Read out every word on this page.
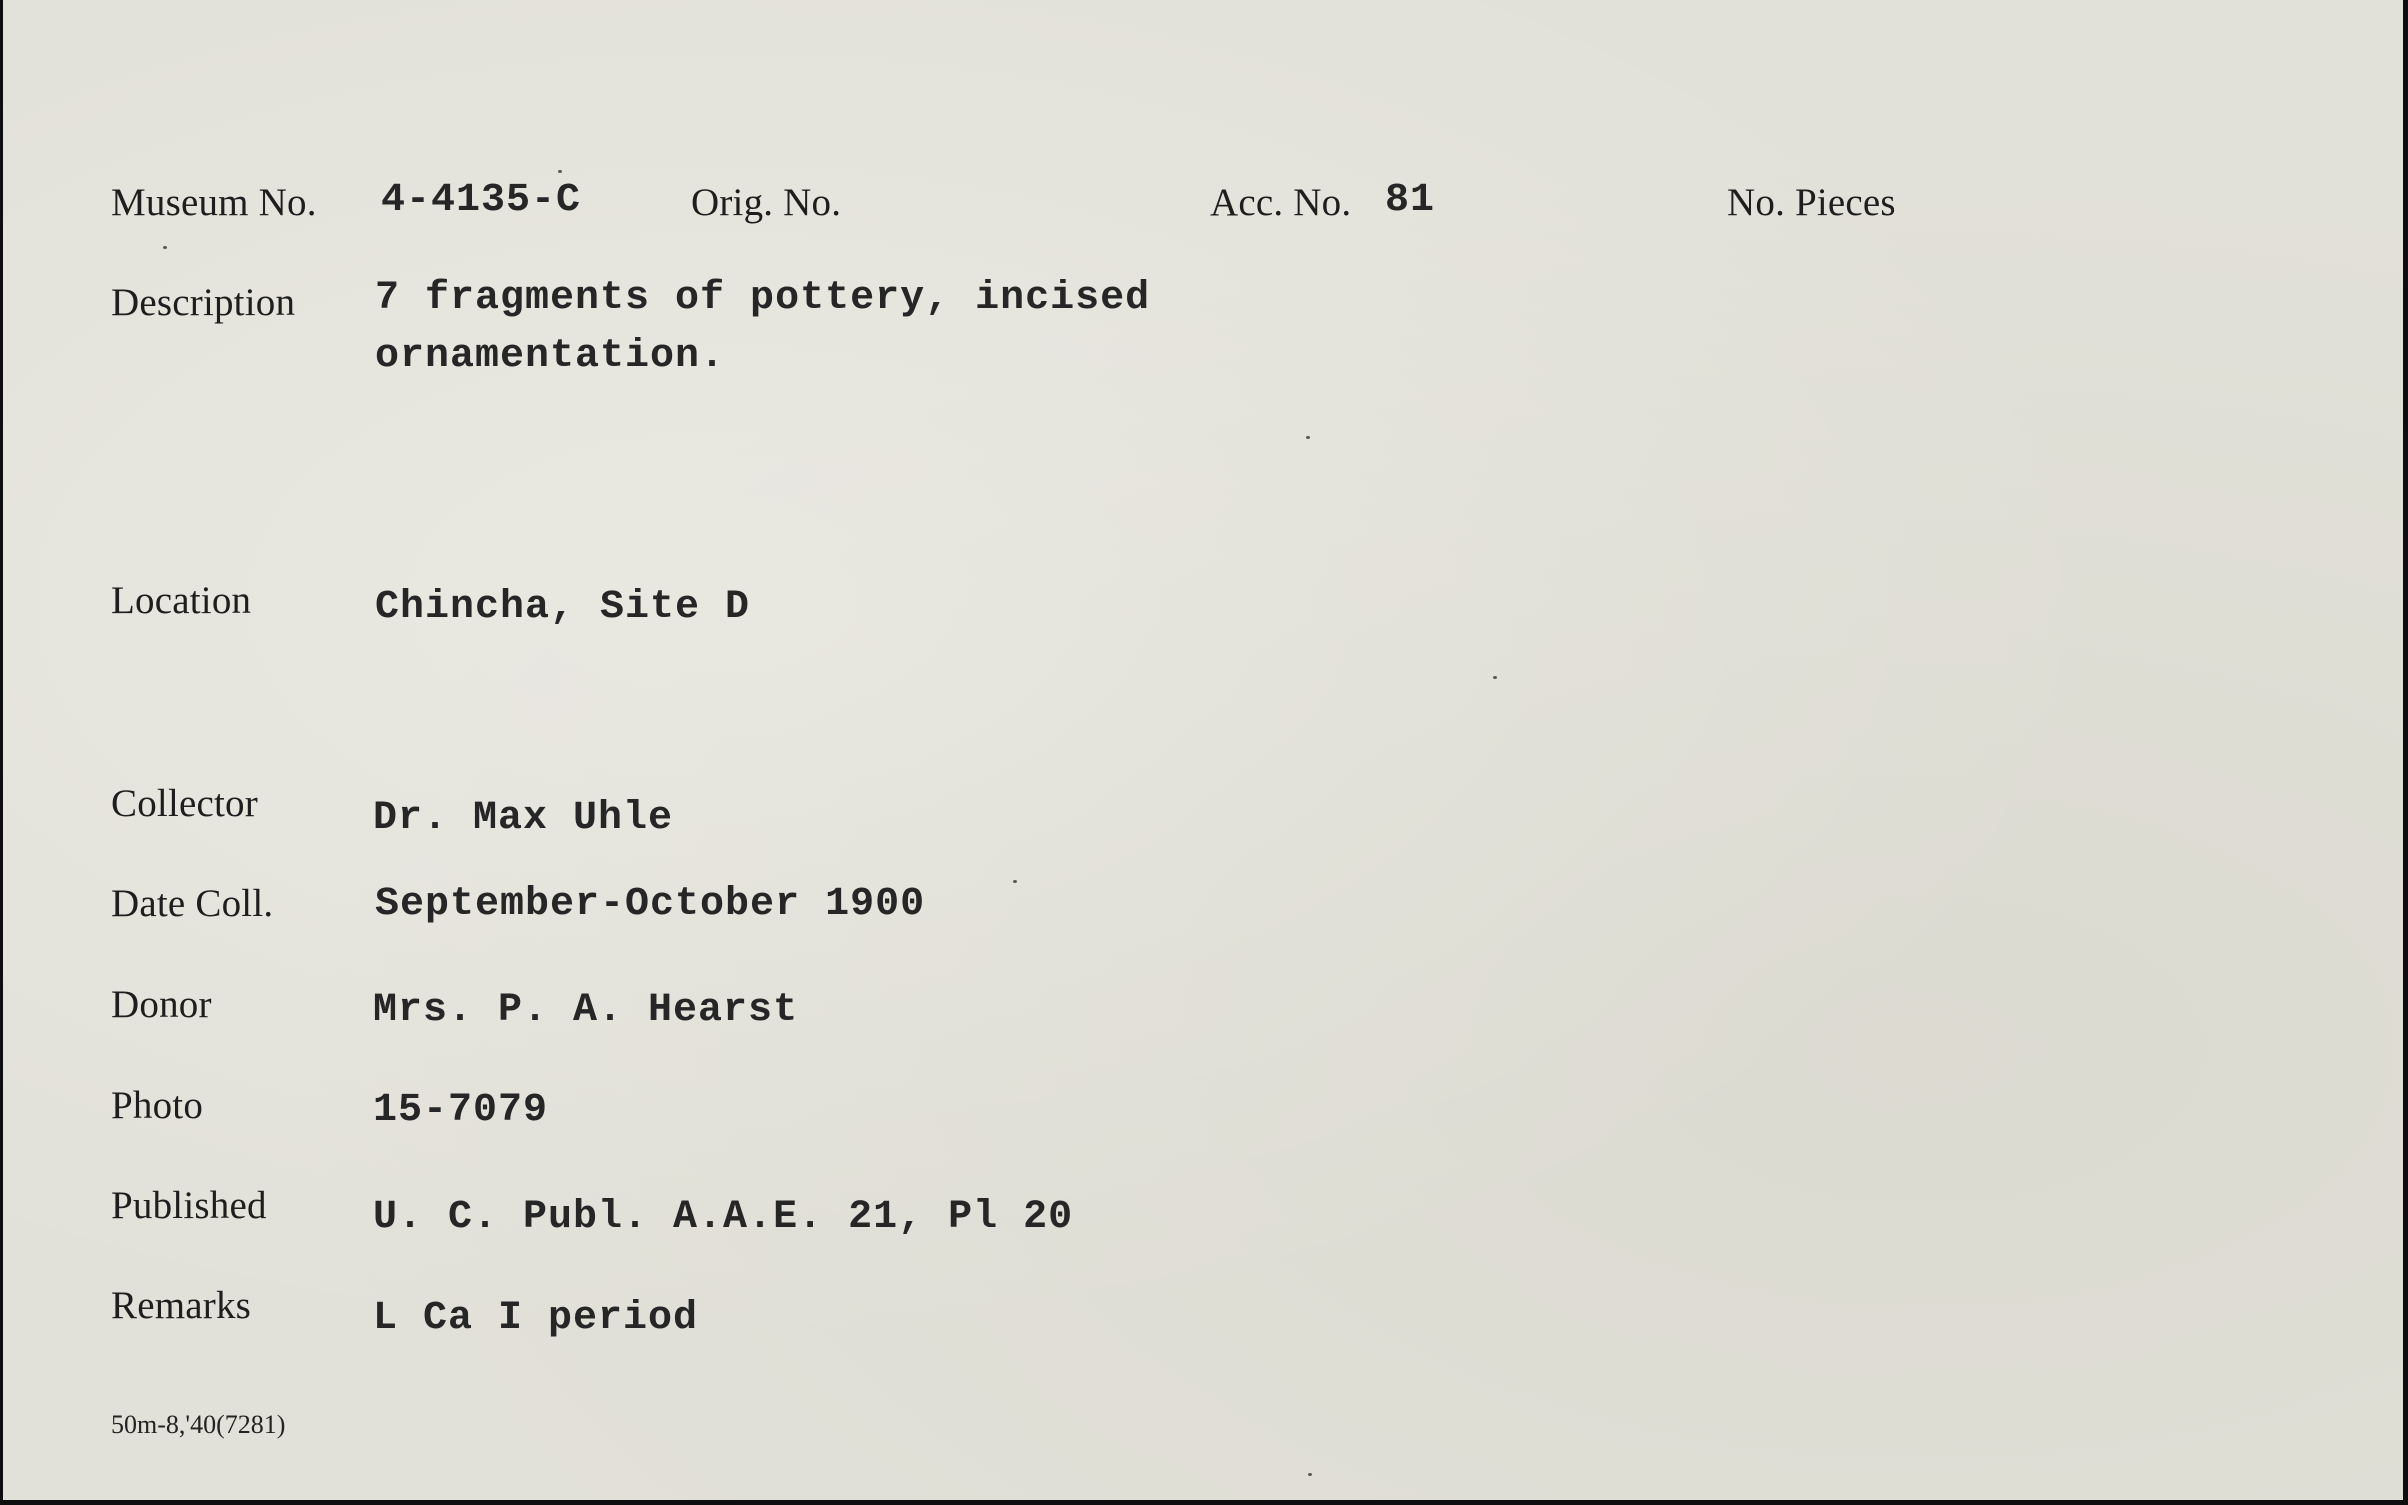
Museum No. 4-4135-C	Orig. No.	Acc. No. 81	No. Pieces
Description 7 fragments of pottery, incised
ornamentation.
Location	Chincha, Site D
Collector	Dr. Max Uhle
Date Coll.	September-October 1900
Donor	Mrs. P. A. Hearst
Photo	15-7079
Published	U. C. Publ. A.A.E. 21, Pl 20
Remarks	L Ca I period
50m-8,'40(7281)
